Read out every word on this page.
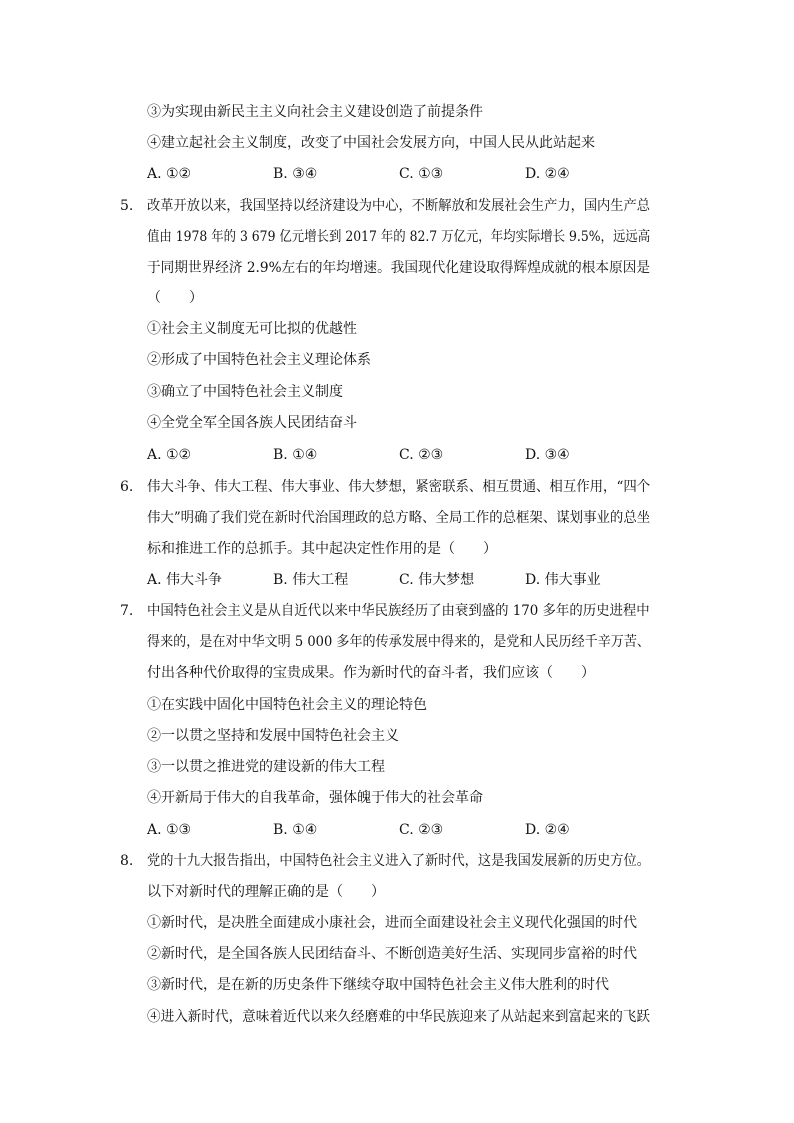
③为实现由新民主主义向社会主义建设创造了前提条件
④建立起社会主义制度，改变了中国社会发展方向，中国人民从此站起来
A. ①②	B. ③④	C. ①③	D. ②④
5. 改革开放以来，我国坚持以经济建设为中心，不断解放和发展社会生产力，国内生产总
值由 1978 年的 3 679 亿元增长到 2017 年的 82.7 万亿元，年均实际增长 9.5%，远远高
于同期世界经济 2.9%左右的年均增速。我国现代化建设取得辉煌成就的根本原因是
（　　）
①社会主义制度无可比拟的优越性
②形成了中国特色社会主义理论体系
③确立了中国特色社会主义制度
④全党全军全国各族人民团结奋斗
A. ①②	B. ①④	C. ②③	D. ③④
6. 伟大斗争、伟大工程、伟大事业、伟大梦想，紧密联系、相互贯通、相互作用，“四个
伟大”明确了我们党在新时代治国理政的总方略、全局工作的总框架、谋划事业的总坐
标和推进工作的总抓手。其中起决定性作用的是（　　）
A. 伟大斗争	B. 伟大工程	C. 伟大梦想	D. 伟大事业
7. 中国特色社会主义是从自近代以来中华民族经历了由衰到盛的 170 多年的历史进程中
得来的，是在对中华文明 5 000 多年的传承发展中得来的，是党和人民历经千辛万苦、
付出各种代价取得的宝贵成果。作为新时代的奋斗者，我们应该（　　）
①在实践中固化中国特色社会主义的理论特色
②一以贯之坚持和发展中国特色社会主义
③一以贯之推进党的建设新的伟大工程
④开新局于伟大的自我革命，强体魄于伟大的社会革命
A. ①③	B. ①④	C. ②③	D. ②④
8. 党的十九大报告指出，中国特色社会主义进入了新时代，这是我国发展新的历史方位。
以下对新时代的理解正确的是（　　）
①新时代，是决胜全面建成小康社会，进而全面建设社会主义现代化强国的时代
②新时代，是全国各族人民团结奋斗、不断创造美好生活、实现同步富裕的时代
③新时代，是在新的历史条件下继续夺取中国特色社会主义伟大胜利的时代
④进入新时代，意味着近代以来久经磨难的中华民族迎来了从站起来到富起来的飞跃
